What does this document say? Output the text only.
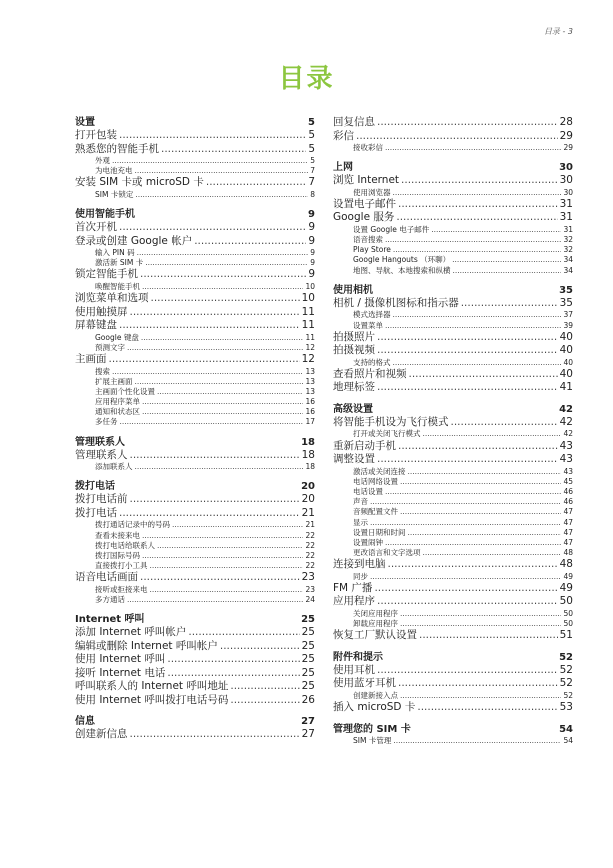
目录 - 3
目录
设置	5
打开包装 .....	5
熟悉您的智能手机 .....	5
外观 .....	5
为电池充电 .....	7
安装 SIM 卡或 microSD 卡 .....	7
SIM 卡锁定 .....	8
使用智能手机	9
首次开机 .....	9
登录或创建 Google 帐户 .....	9
输入 PIN 码 .....	9
激活新 SIM 卡 .....	9
锁定智能手机 .....	9
唤醒智能手机 .....	10
浏览菜单和选项 .....	10
使用触摸屏 .....	11
屏幕键盘 .....	11
Google 键盘 .....	11
预测文字 .....	12
主画面 .....	12
搜索 .....	13
扩展主画面 .....	13
主画面个性化设置 .....	13
应用程序菜单 .....	16
通知和状态区 .....	16
多任务 .....	17
管理联系人	18
管理联系人 .....	18
添加联系人 .....	18
拨打电话	20
拨打电话前 .....	20
拨打电话 .....	21
拨打通话记录中的号码 .....	21
查看未接来电 .....	22
拨打电话给联系人 .....	22
拨打国际号码 .....	22
直接拨打小工具 .....	22
语音电话画面 .....	23
接听或拒接来电 .....	23
多方通话 .....	24
Internet 呼叫	25
添加 Internet 呼叫帐户 .....	25
编辑或删除 Internet 呼叫帐户 .....	25
使用 Internet 呼叫 .....	25
接听 Internet 电话 .....	25
呼叫联系人的 Internet 呼叫地址 .....	25
使用 Internet 呼叫拨打电话号码 .....	26
信息	27
创建新信息 .....	27
回复信息 .....	28
彩信 .....	29
接收彩信 .....	29
上网	30
浏览 Internet .....	30
使用浏览器 .....	30
设置电子邮件 .....	31
Google 服务 .....	31
设置 Google 电子邮件 .....	31
语音搜索 .....	32
Play Store .....	32
Google Hangouts （环聊） .....	34
地图、导航、本地搜索和纵横 .....	34
使用相机	35
相机 / 摄像机图标和指示器 .....	35
模式选择器 .....	37
设置菜单 .....	39
拍摄照片 .....	40
拍摄视频 .....	40
支持的格式 .....	40
查看照片和视频 .....	40
地理标签 .....	41
高级设置	42
将智能手机设为飞行模式 .....	42
打开或关闭飞行模式 .....	42
重新启动手机 .....	43
调整设置 .....	43
激活或关闭连接 .....	43
电话网络设置 .....	45
电话设置 .....	46
声音 .....	46
音频配置文件 .....	47
显示 .....	47
设置日期和时间 .....	47
设置闹钟 .....	47
更改语言和文字选项 .....	48
连接到电脑 .....	48
同步 .....	49
FM 广播 .....	49
应用程序 .....	50
关闭应用程序 .....	50
卸载应用程序 .....	50
恢复工厂默认设置 .....	51
附件和提示	52
使用耳机 .....	52
使用蓝牙耳机 .....	52
创建新接入点 .....	52
插入 microSD 卡 .....	53
管理您的 SIM 卡	54
SIM 卡管理 .....	54
